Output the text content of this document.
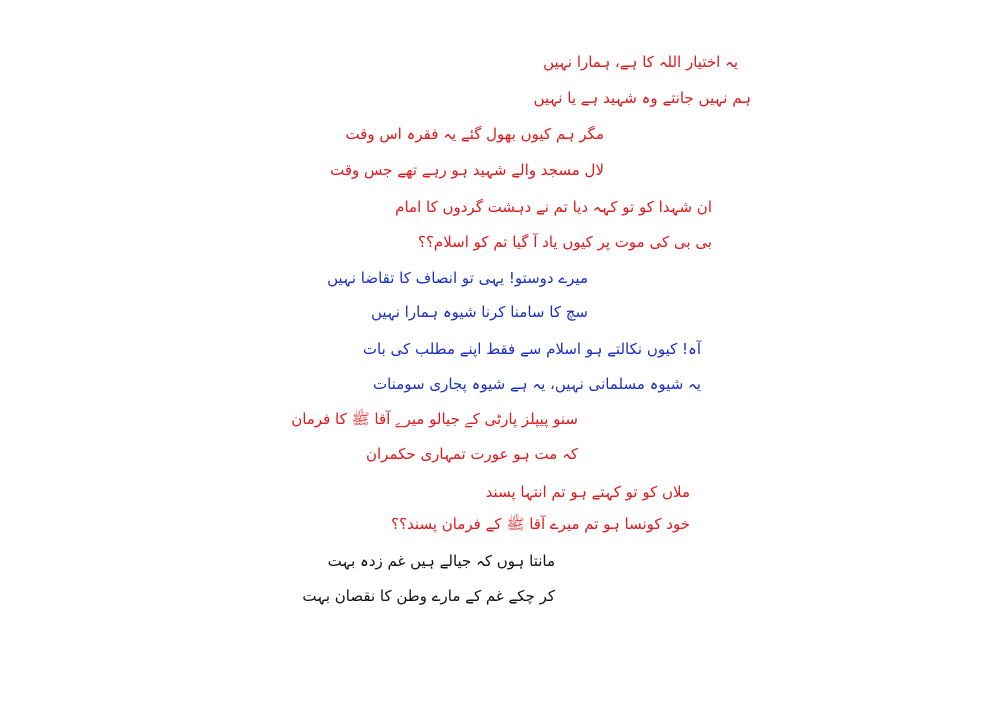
یہ اختیار اللہ کا ہے، ہمارا نہیں
ہم نہیں جانتے وہ شہید ہے یا نہیں
مگر ہم کیوں بھول گئے یہ فقرہ اس وقت
لال مسجد والے شہید ہو رہے تھے جس وقت
ان شہدا کو تو کہہ دیا تم نے دہشت گردوں کا امام
بی بی کی موت پر کیوں یاد آ گیا تم کو اسلام؟؟
میرے دوستو! یہی تو انصاف کا تقاضا نہیں
سچ کا سامنا کرنا شیوہ ہمارا نہیں
آہ! کیوں نکالتے ہو اسلام سے فقط اپنے مطلب کی بات
یہ شیوہ مسلمانی نہیں، یہ ہے شیوہ پجاری سومنات
سنو پیپلز پارٹی کے جیالو میرے آقا ﷺ کا فرمان
کہ مت ہو عورت تمہاری حکمران
ملاں کو تو کہتے ہو تم انتہا پسند
خود کونسا ہو تم میرے آقا ﷺ کے فرمان پسند؟؟
مانتا ہوں کہ جیالے ہیں غم زدہ بہت
کر چکے غم کے مارے وطن کا نقصان بہت
